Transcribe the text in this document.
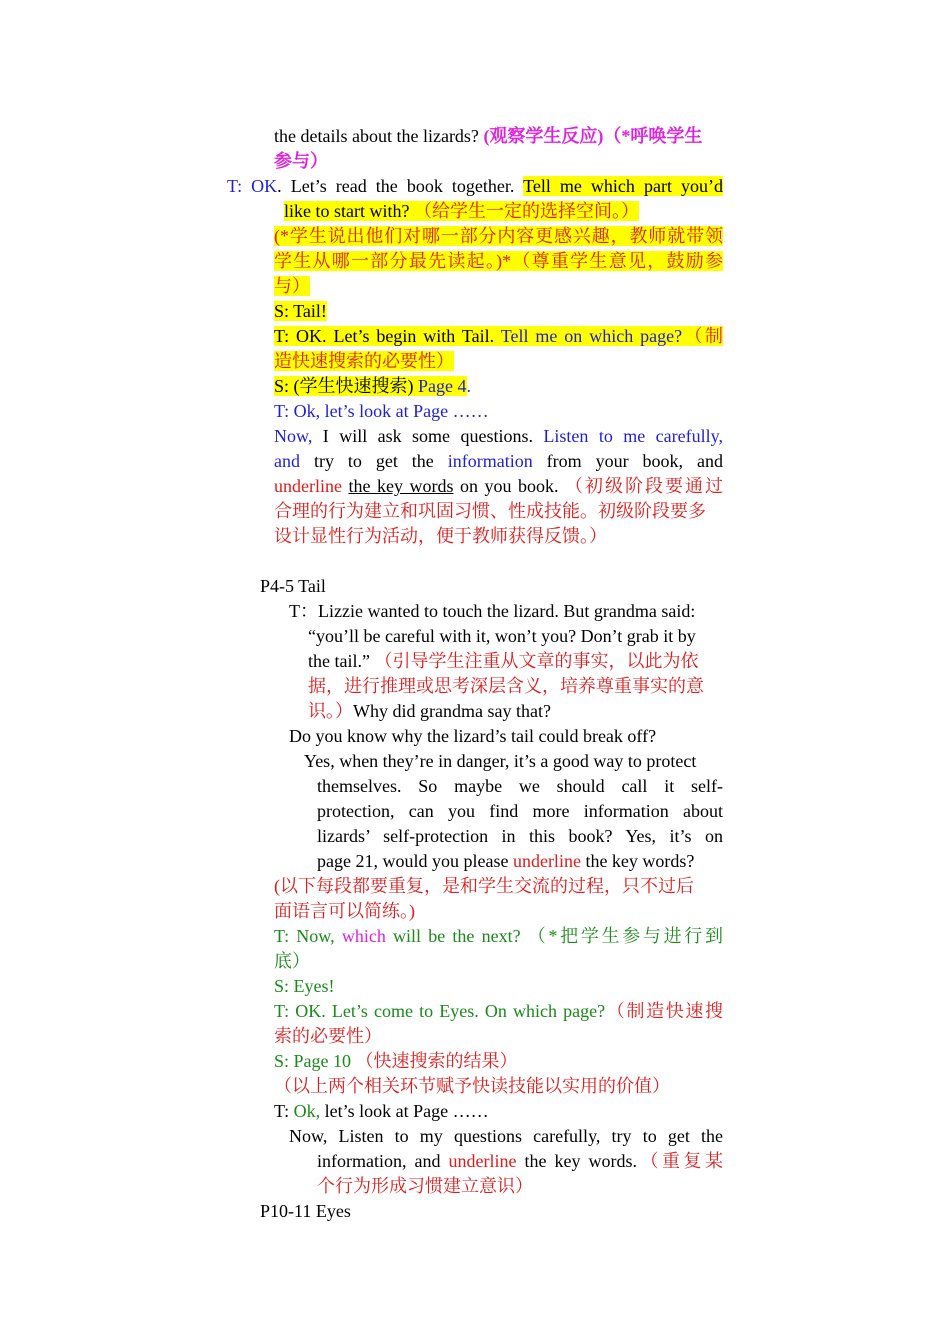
the details about the lizards? (观察学生反应)（*呼唤学生
参与）
T: OK. Let’s read the book together. Tell me which part you’d
like to start with? （给学生一定的选择空间。）
(*学生说出他们对哪一部分内容更感兴趣，教师就带领
学生从哪一部分最先读起。)*（尊重学生意见，鼓励参
与）
S: Tail!
T: OK. Let’s begin with Tail. Tell me on which page?（制
造快速搜索的必要性）
S: (学生快速搜索) Page 4.
T: Ok, let’s look at Page ……
Now, I will ask some questions. Listen to me carefully,
and try to get the information from your book, and
underline the key words on you book. （初级阶段要通过
合理的行为建立和巩固习惯、性成技能。初级阶段要多
设计显性行为活动，便于教师获得反馈。）
P4-5 Tail
T：Lizzie wanted to touch the lizard. But grandma said:
“you’ll be careful with it, won’t you? Don’t grab it by
the tail.” （引导学生注重从文章的事实，以此为依
据，进行推理或思考深层含义，培养尊重事实的意
识。）Why did grandma say that?
Do you know why the lizard’s tail could break off?
Yes, when they’re in danger, it’s a good way to protect
themselves. So maybe we should call it self-
protection, can you find more information about
lizards’ self-protection in this book? Yes, it’s on
page 21, would you please underline the key words?
(以下每段都要重复，是和学生交流的过程，只不过后
面语言可以简练。)
T: Now, which will be the next? （*把学生参与进行到
底）
S: Eyes!
T: OK. Let’s come to Eyes. On which page?（制造快速搜
索的必要性）
S: Page 10 （快速搜索的结果）
（以上两个相关环节赋予快读技能以实用的价值）
T: Ok, let’s look at Page ……
Now, Listen to my questions carefully, try to get the
information, and underline the key words.（重复某
个行为形成习惯建立意识）
P10-11 Eyes
